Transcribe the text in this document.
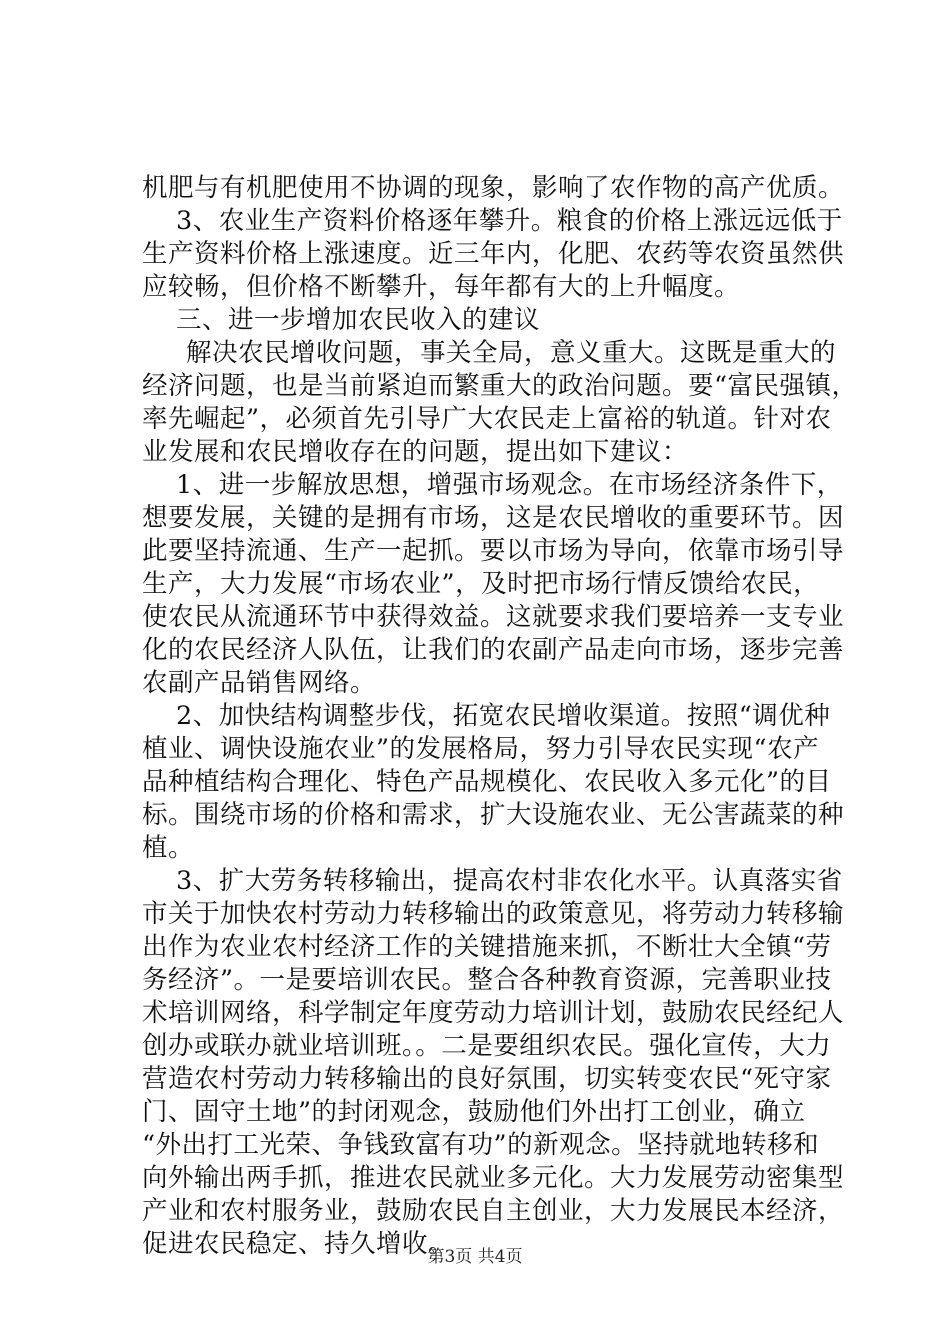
机肥与有机肥使用不协调的现象，影响了农作物的高产优质。
3、农业生产资料价格逐年攀升。粮食的价格上涨远远低于
生产资料价格上涨速度。近三年内，化肥、农药等农资虽然供
应较畅，但价格不断攀升，每年都有大的上升幅度。
三、进一步增加农民收入的建议
解决农民增收问题，事关全局，意义重大。这既是重大的
经济问题，也是当前紧迫而繁重大的政治问题。要“富民强镇，
率先崛起”，必须首先引导广大农民走上富裕的轨道。针对农
业发展和农民增收存在的问题，提出如下建议：
1、进一步解放思想，增强市场观念。在市场经济条件下，
想要发展，关键的是拥有市场，这是农民增收的重要环节。因
此要坚持流通、生产一起抓。要以市场为导向，依靠市场引导
生产，大力发展“市场农业”，及时把市场行情反馈给农民，
使农民从流通环节中获得效益。这就要求我们要培养一支专业
化的农民经济人队伍，让我们的农副产品走向市场，逐步完善
农副产品销售网络。
2、加快结构调整步伐，拓宽农民增收渠道。按照“调优种
植业、调快设施农业”的发展格局，努力引导农民实现“农产
品种植结构合理化、特色产品规模化、农民收入多元化”的目
标。围绕市场的价格和需求，扩大设施农业、无公害蔬菜的种
植。
3、扩大劳务转移输出，提高农村非农化水平。认真落实省
市关于加快农村劳动力转移输出的政策意见，将劳动力转移输
出作为农业农村经济工作的关键措施来抓，不断壮大全镇“劳
务经济”。一是要培训农民。整合各种教育资源，完善职业技
术培训网络，科学制定年度劳动力培训计划，鼓励农民经纪人
创办或联办就业培训班。。二是要组织农民。强化宣传，大力
营造农村劳动力转移输出的良好氛围，切实转变农民“死守家
门、固守土地”的封闭观念，鼓励他们外出打工创业，确立
“外出打工光荣、争钱致富有功”的新观念。坚持就地转移和
向外输出两手抓，推进农民就业多元化。大力发展劳动密集型
产业和农村服务业，鼓励农民自主创业，大力发展民本经济，
促进农民稳定、持久增收。
第3页 共4页
